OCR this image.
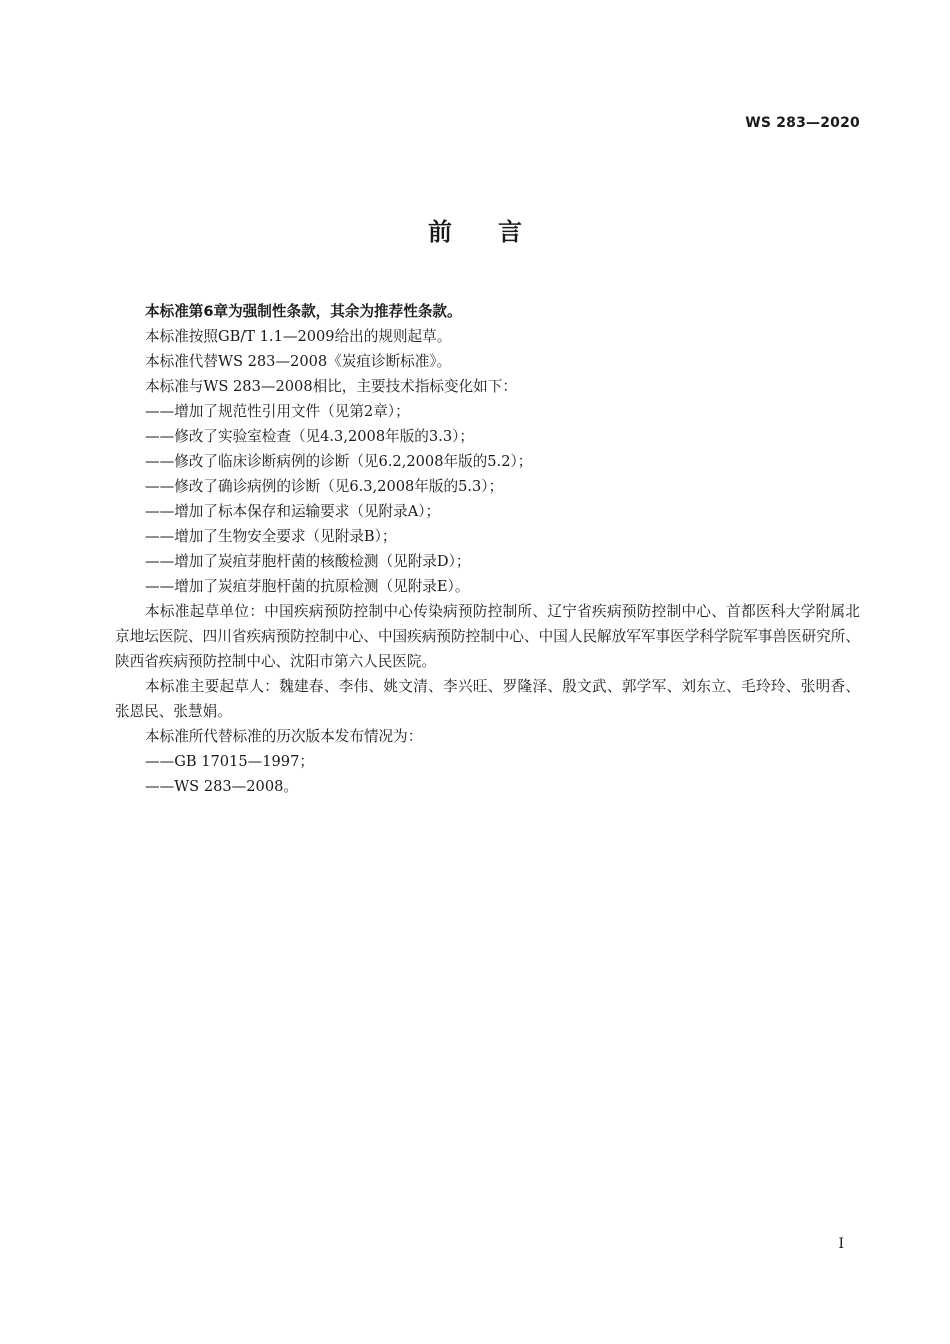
WS 283—2020
前 言

本标准第6章为强制性条款，其余为推荐性条款。

本标准按照GB/T 1.1—2009给出的规则起草。

本标准代替WS 283—2008《炭疽诊断标准》。

本标准与WS 283—2008相比，主要技术指标变化如下：

——增加了规范性引用文件（见第2章）；

——修改了实验室检查（见4.3,2008年版的3.3）；

——修改了临床诊断病例的诊断（见6.2,2008年版的5.2）；

——修改了确诊病例的诊断（见6.3,2008年版的5.3）；

——增加了标本保存和运输要求（见附录A）；

——增加了生物安全要求（见附录B）；

——增加了炭疽芽胞杆菌的核酸检测（见附录D）；

——增加了炭疽芽胞杆菌的抗原检测（见附录E）。

本标准起草单位：中国疾病预防控制中心传染病预防控制所、辽宁省疾病预防控制中心、首都医科大学附属北京地坛医院、四川省疾病预防控制中心、中国疾病预防控制中心、中国人民解放军军事医学科学院军事兽医研究所、陕西省疾病预防控制中心、沈阳市第六人民医院。

本标准主要起草人：魏建春、李伟、姚文清、李兴旺、罗隆泽、殷文武、郭学军、刘东立、毛玲玲、张明香、张恩民、张慧娟。

本标准所代替标准的历次版本发布情况为：

——GB 17015—1997；

——WS 283—2008。

I
